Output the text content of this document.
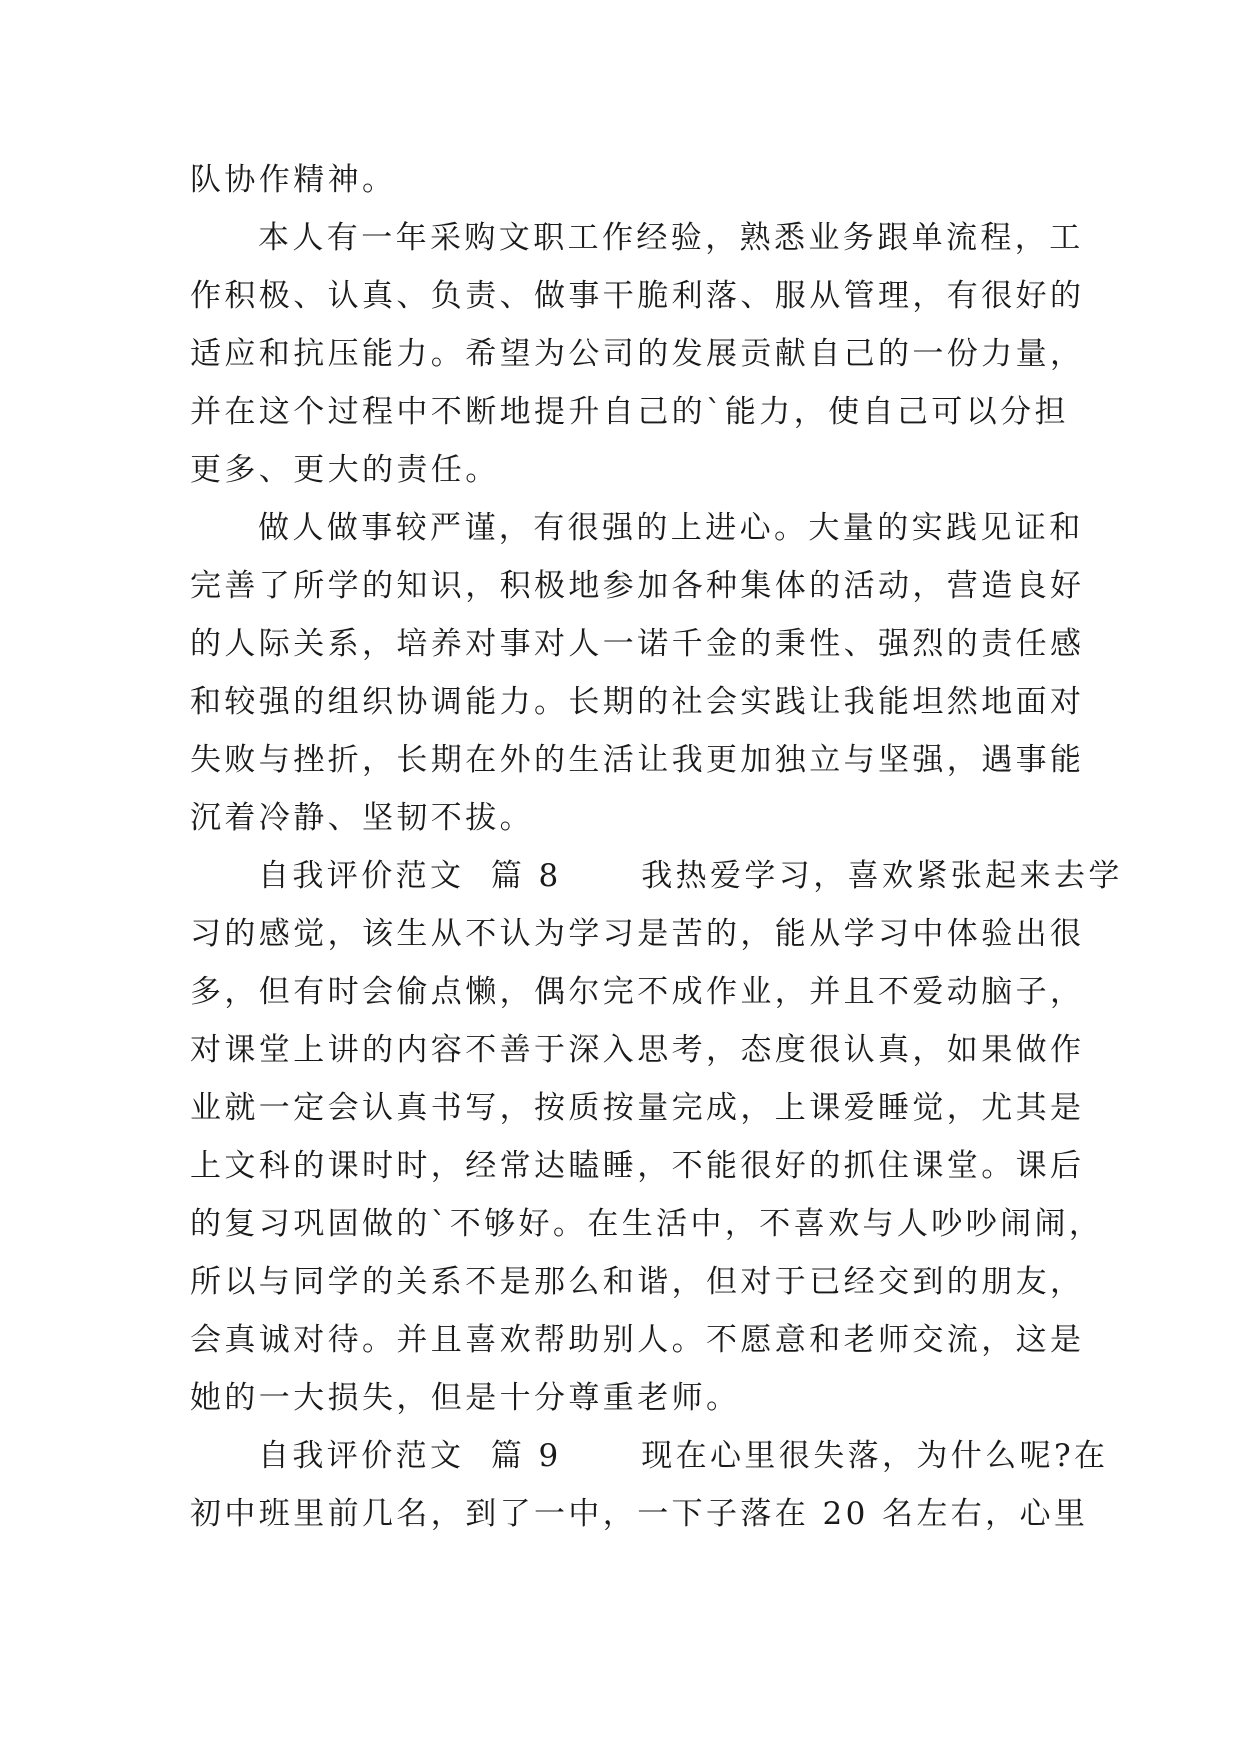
队协作精神。
本人有一年采购文职工作经验，熟悉业务跟单流程，工
作积极、认真、负责、做事干脆利落、服从管理，有很好的
适应和抗压能力。希望为公司的发展贡献自己的一份力量，
并在这个过程中不断地提升自己的`能力，使自己可以分担
更多、更大的责任。
做人做事较严谨，有很强的上进心。大量的实践见证和
完善了所学的知识，积极地参加各种集体的活动，营造良好
的人际关系，培养对事对人一诺千金的秉性、强烈的责任感
和较强的组织协调能力。长期的社会实践让我能坦然地面对
失败与挫折，长期在外的生活让我更加独立与坚强，遇事能
沉着冷静、坚韧不拔。
自我评价范文  篇 8      我热爱学习，喜欢紧张起来去学
习的感觉，该生从不认为学习是苦的，能从学习中体验出很
多，但有时会偷点懒，偶尔完不成作业，并且不爱动脑子，
对课堂上讲的内容不善于深入思考，态度很认真，如果做作
业就一定会认真书写，按质按量完成，上课爱睡觉，尤其是
上文科的课时时，经常达瞌睡，不能很好的抓住课堂。课后
的复习巩固做的`不够好。在生活中，不喜欢与人吵吵闹闹，
所以与同学的关系不是那么和谐，但对于已经交到的朋友，
会真诚对待。并且喜欢帮助别人。不愿意和老师交流，这是
她的一大损失，但是十分尊重老师。
自我评价范文  篇 9      现在心里很失落，为什么呢?在
初中班里前几名，到了一中，一下子落在 20 名左右，心里
